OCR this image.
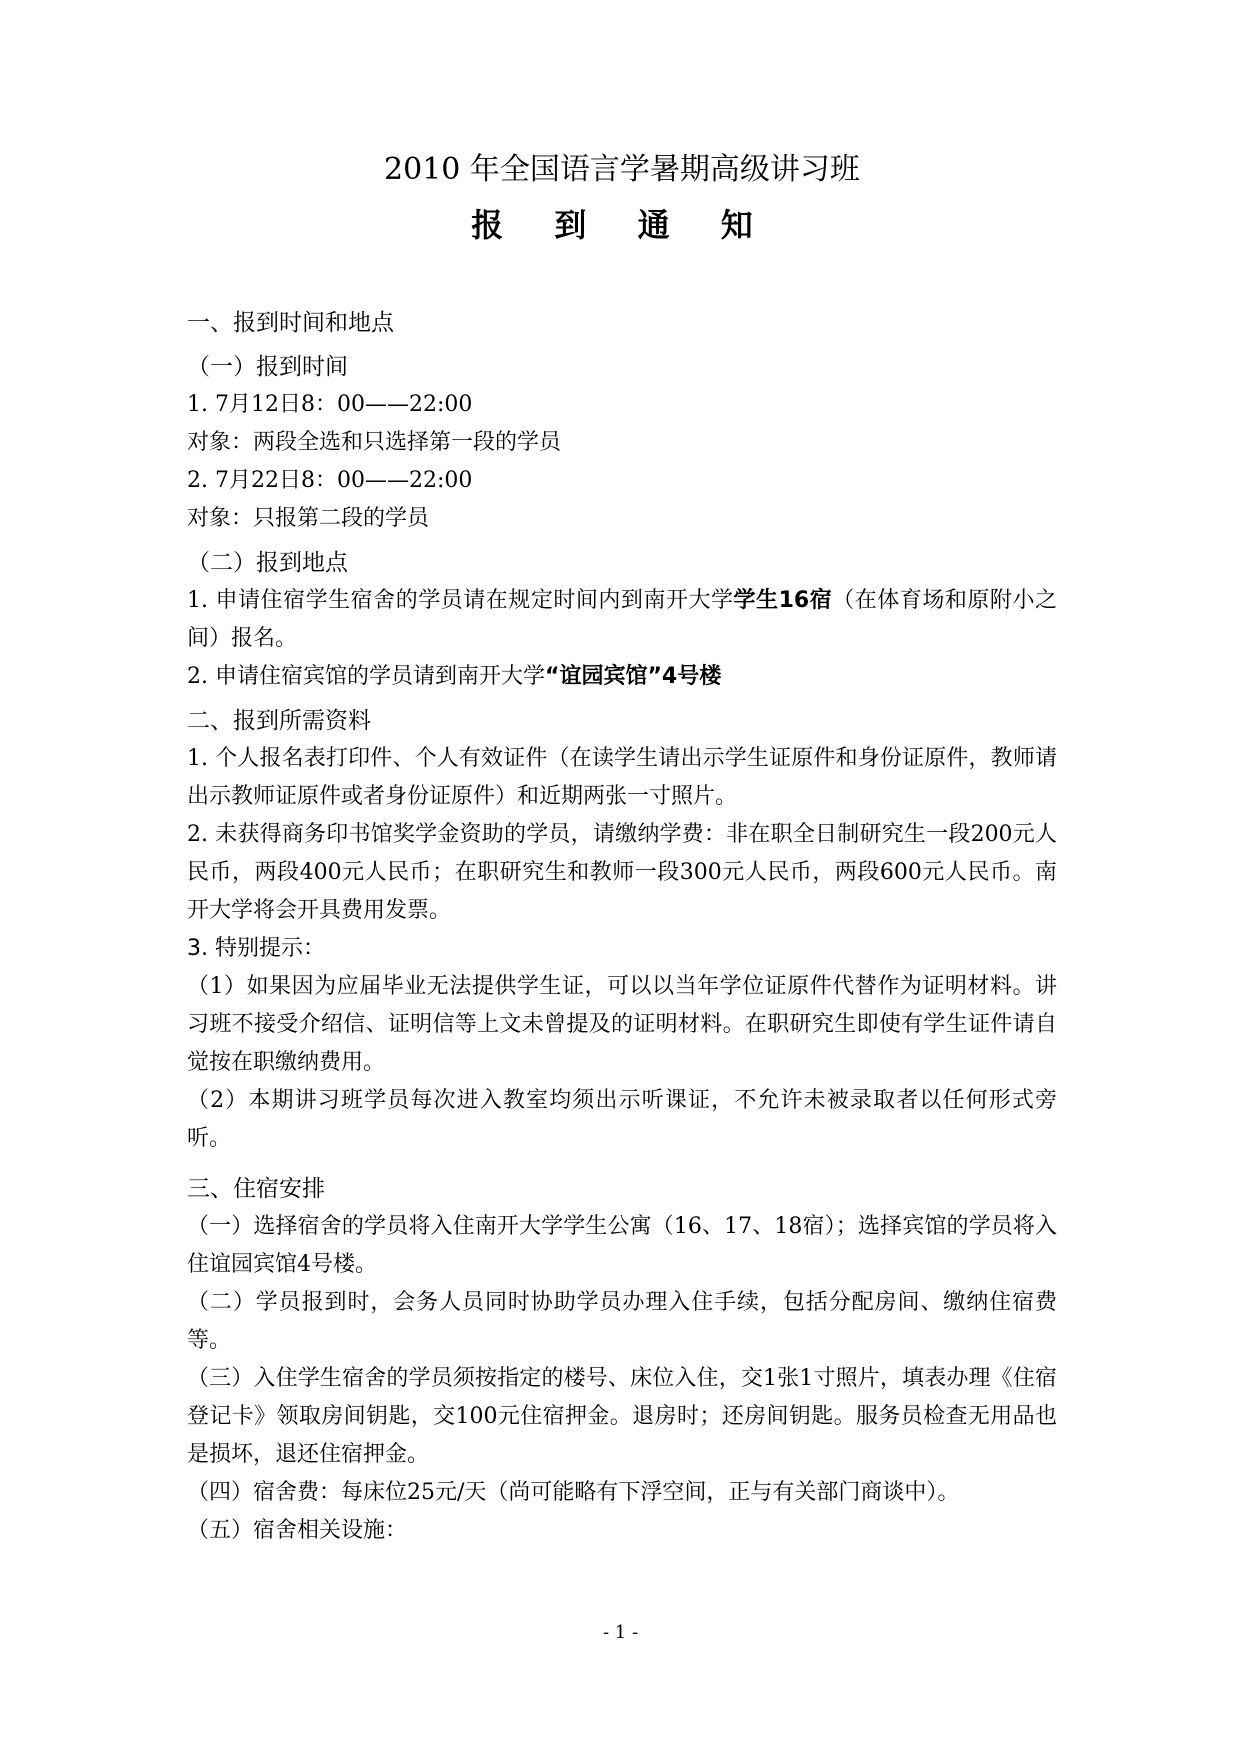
2010 年全国语言学暑期高级讲习班
报 到 通 知

一、报到时间和地点

（一）报到时间

1. 7月12日8：00——22:00

对象：两段全选和只选择第一段的学员

2. 7月22日8：00——22:00

对象：只报第二段的学员

（二）报到地点

1. 申请住宿学生宿舍的学员请在规定时间内到南开大学学生16宿（在体育场和原附小之间）报名。

2. 申请住宿宾馆的学员请到南开大学“谊园宾馆”4号楼

二、报到所需资料

1. 个人报名表打印件、个人有效证件（在读学生请出示学生证原件和身份证原件，教师请出示教师证原件或者身份证原件）和近期两张一寸照片。

2. 未获得商务印书馆奖学金资助的学员，请缴纳学费：非在职全日制研究生一段200元人民币，两段400元人民币；在职研究生和教师一段300元人民币，两段600元人民币。南开大学将会开具费用发票。

3. 特别提示：

（1）如果因为应届毕业无法提供学生证，可以以当年学位证原件代替作为证明材料。讲习班不接受介绍信、证明信等上文未曾提及的证明材料。在职研究生即使有学生证件请自觉按在职缴纳费用。

（2）本期讲习班学员每次进入教室均须出示听课证，不允许未被录取者以任何形式旁听。

三、住宿安排

（一）选择宿舍的学员将入住南开大学学生公寓（16、17、18宿）；选择宾馆的学员将入住谊园宾馆4号楼。

（二）学员报到时，会务人员同时协助学员办理入住手续，包括分配房间、缴纳住宿费等。

（三）入住学生宿舍的学员须按指定的楼号、床位入住，交1张1寸照片，填表办理《住宿登记卡》领取房间钥匙，交100元住宿押金。退房时；还房间钥匙。服务员检查无用品也是损坏，退还住宿押金。

（四）宿舍费：每床位25元/天（尚可能略有下浮空间，正与有关部门商谈中）。

（五）宿舍相关设施：

- 1 -
